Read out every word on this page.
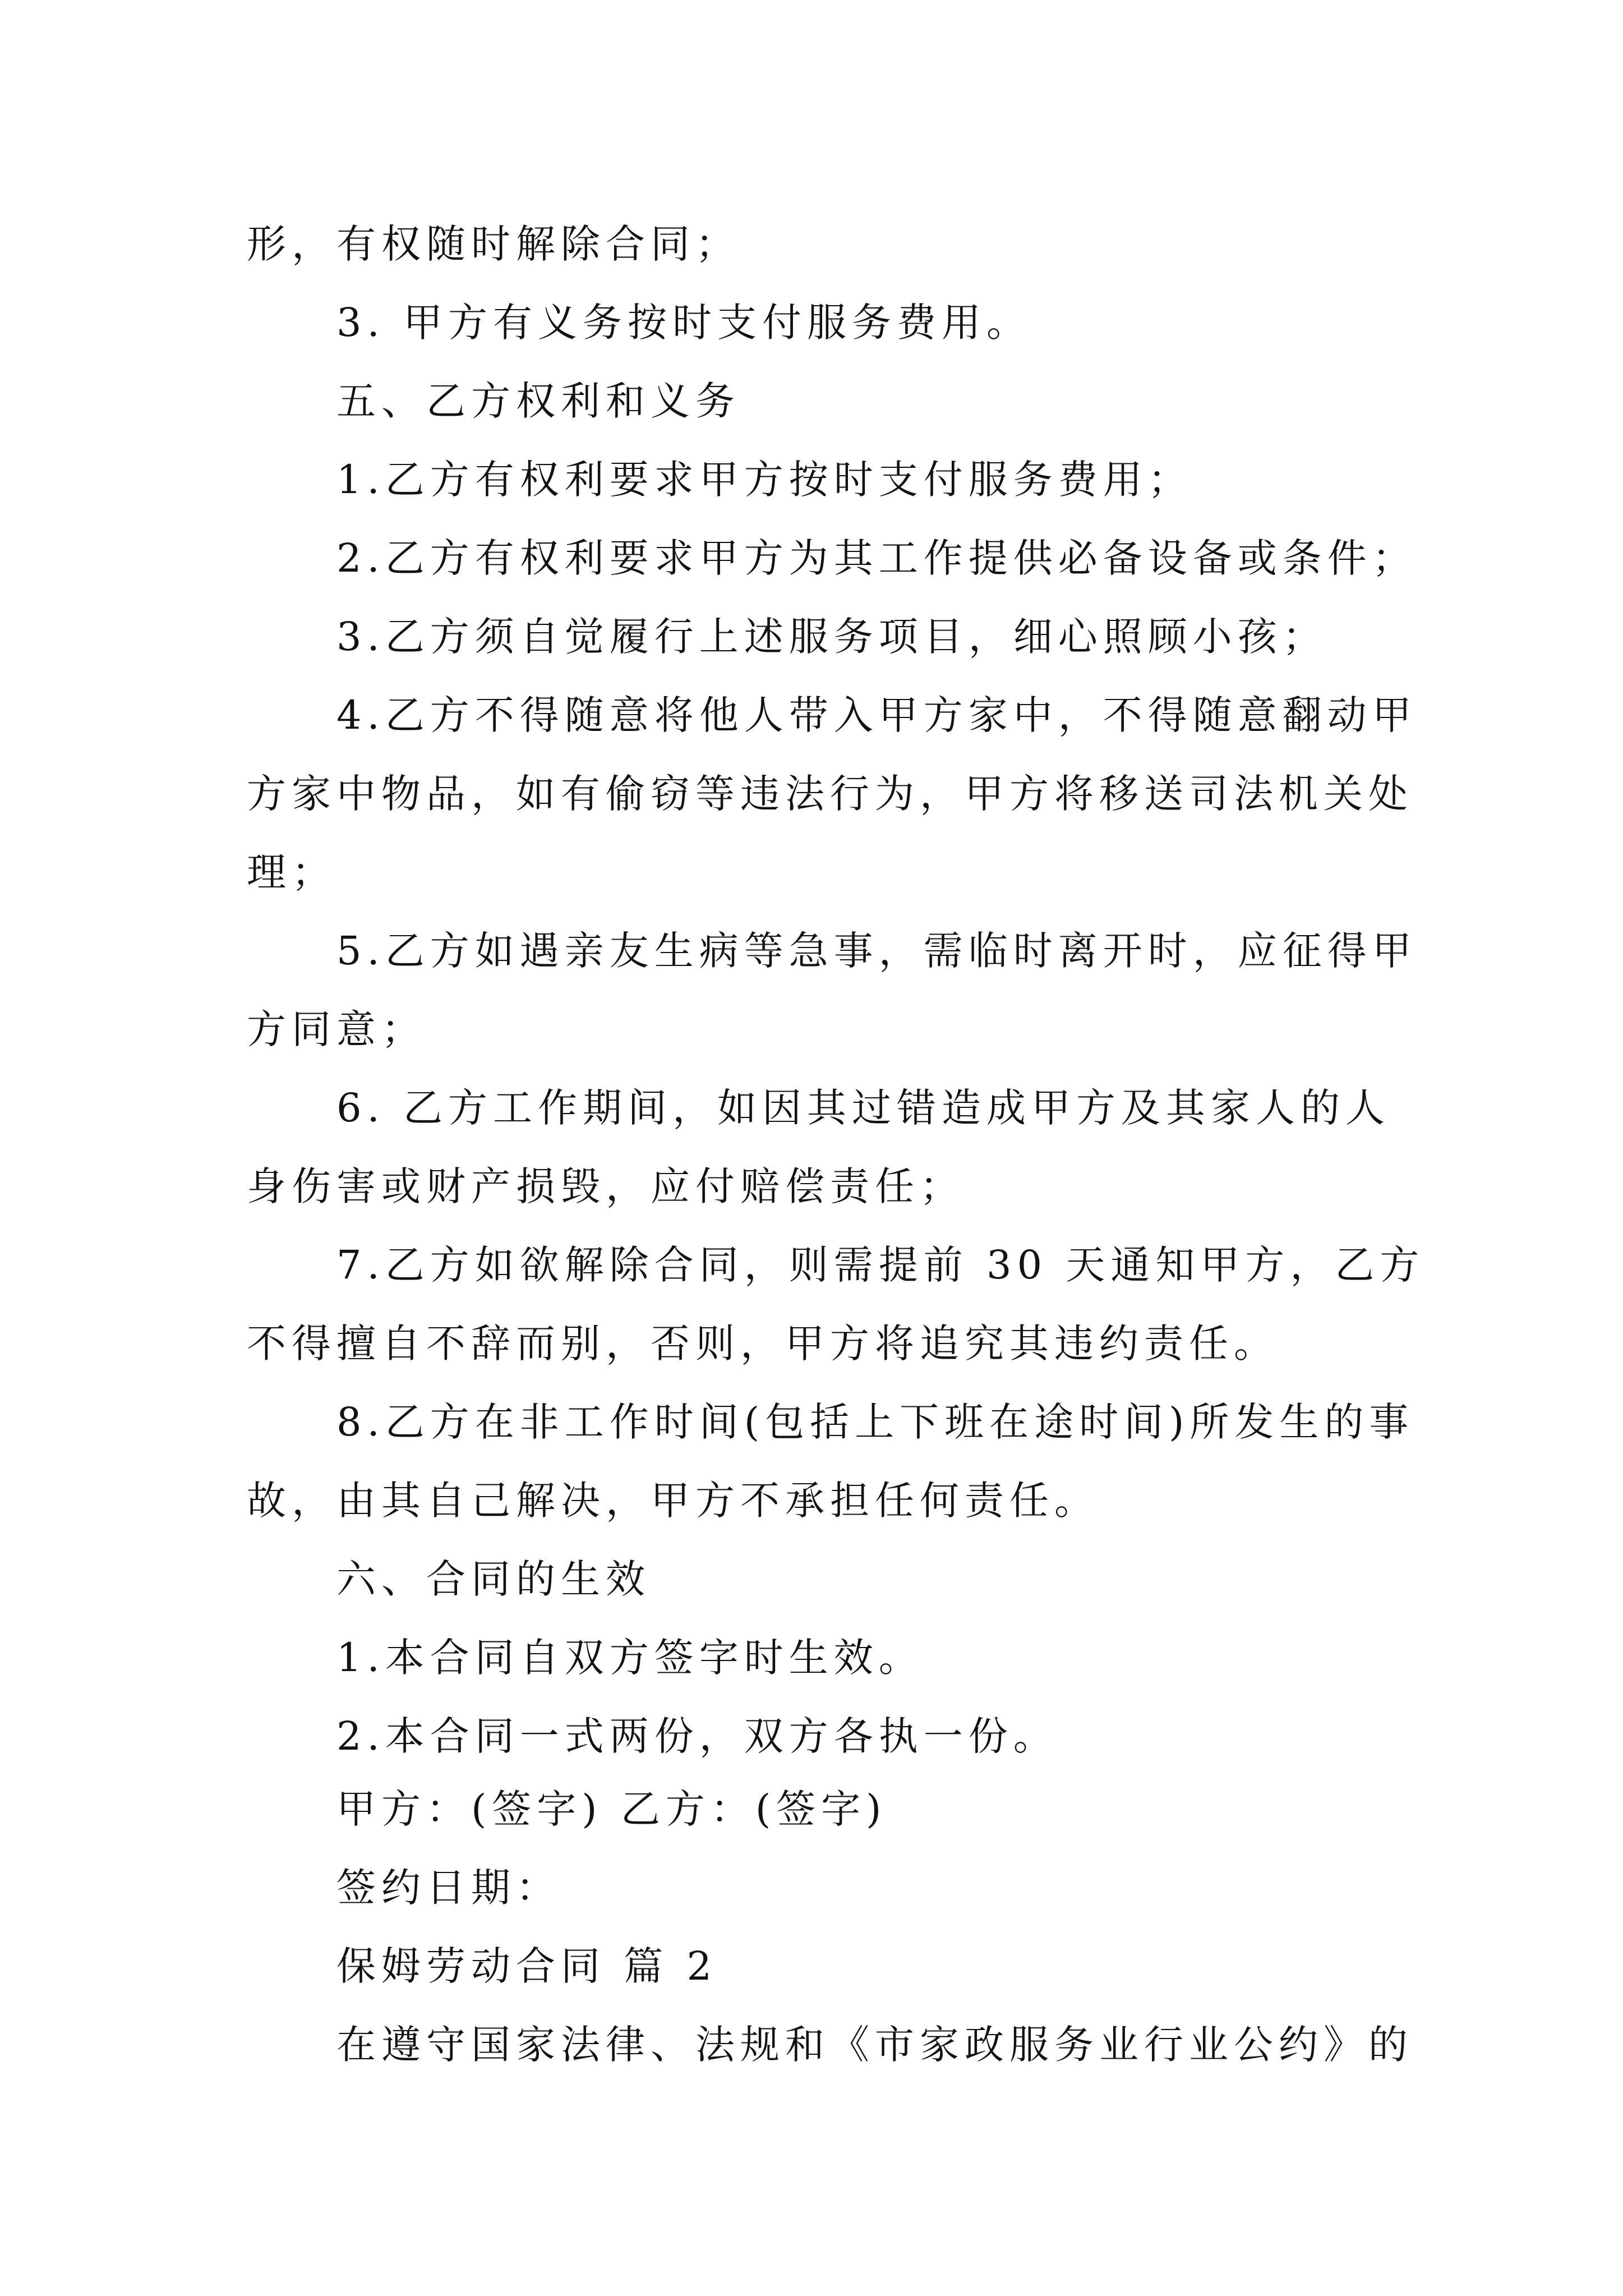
形，有权随时解除合同；
3. 甲方有义务按时支付服务费用。
五、乙方权利和义务
1.乙方有权利要求甲方按时支付服务费用；
2.乙方有权利要求甲方为其工作提供必备设备或条件；
3.乙方须自觉履行上述服务项目，细心照顾小孩；
4.乙方不得随意将他人带入甲方家中，不得随意翻动甲
方家中物品，如有偷窃等违法行为，甲方将移送司法机关处
理；
5.乙方如遇亲友生病等急事，需临时离开时，应征得甲
方同意；
6. 乙方工作期间，如因其过错造成甲方及其家人的人
身伤害或财产损毁，应付赔偿责任；
7.乙方如欲解除合同，则需提前 30 天通知甲方，乙方
不得擅自不辞而别，否则，甲方将追究其违约责任。
8.乙方在非工作时间(包括上下班在途时间)所发生的事
故，由其自己解决，甲方不承担任何责任。
六、合同的生效
1.本合同自双方签字时生效。
2.本合同一式两份，双方各执一份。
甲方：(签字) 乙方：(签字)
签约日期：
保姆劳动合同 篇 2
在遵守国家法律、法规和《市家政服务业行业公约》的
